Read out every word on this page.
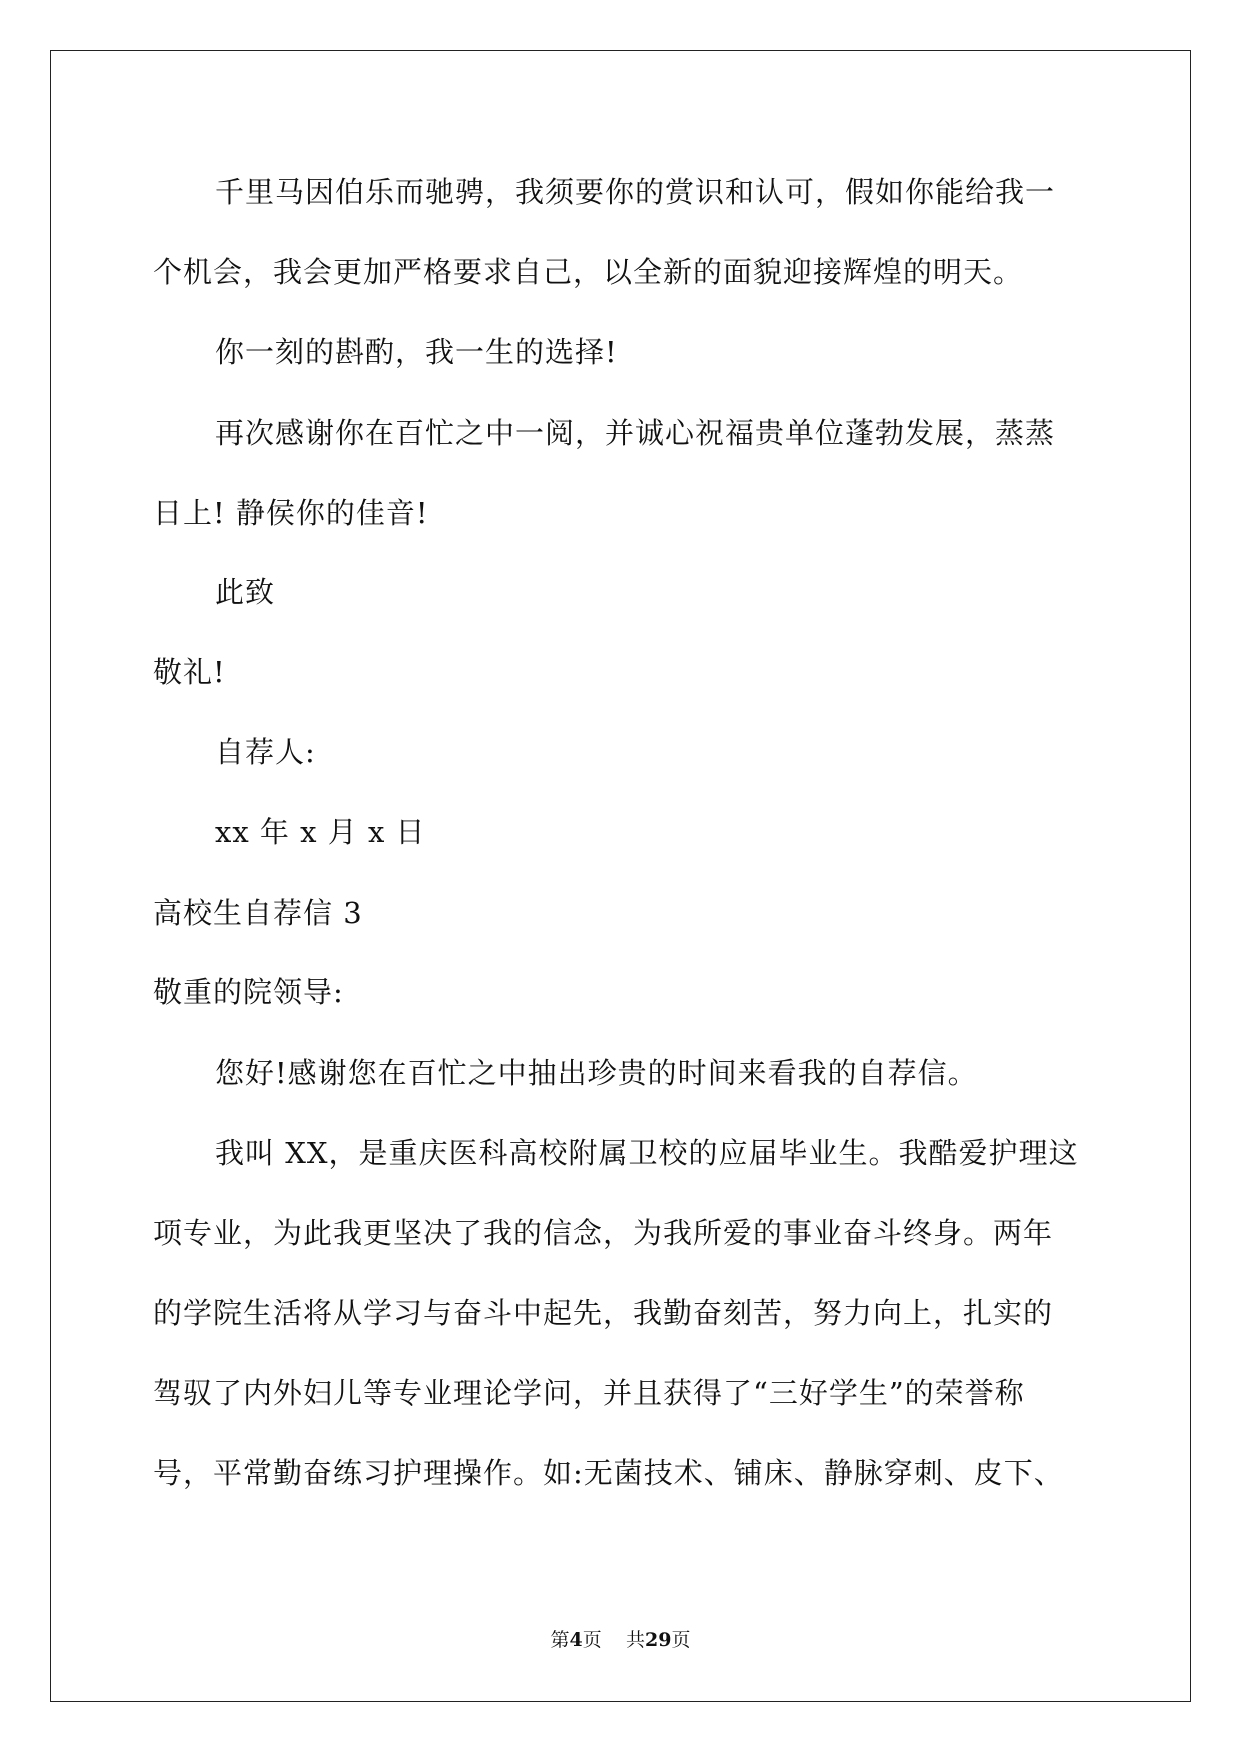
千里马因伯乐而驰骋，我须要你的赏识和认可，假如你能给我一
个机会，我会更加严格要求自己，以全新的面貌迎接辉煌的明天。
你一刻的斟酌，我一生的选择!
再次感谢你在百忙之中一阅，并诚心祝福贵单位蓬勃发展，蒸蒸
日上! 静侯你的佳音!
此致
敬礼!
自荐人:
xx 年 x 月 x 日
高校生自荐信 3
敬重的院领导:
您好!感谢您在百忙之中抽出珍贵的时间来看我的自荐信。
我叫 XX，是重庆医科高校附属卫校的应届毕业生。我酷爱护理这
项专业，为此我更坚决了我的信念，为我所爱的事业奋斗终身。两年
的学院生活将从学习与奋斗中起先，我勤奋刻苦，努力向上，扎实的
驾驭了内外妇儿等专业理论学问，并且获得了“三好学生”的荣誉称
号，平常勤奋练习护理操作。如:无菌技术、铺床、静脉穿刺、皮下、
第4页 共29页
